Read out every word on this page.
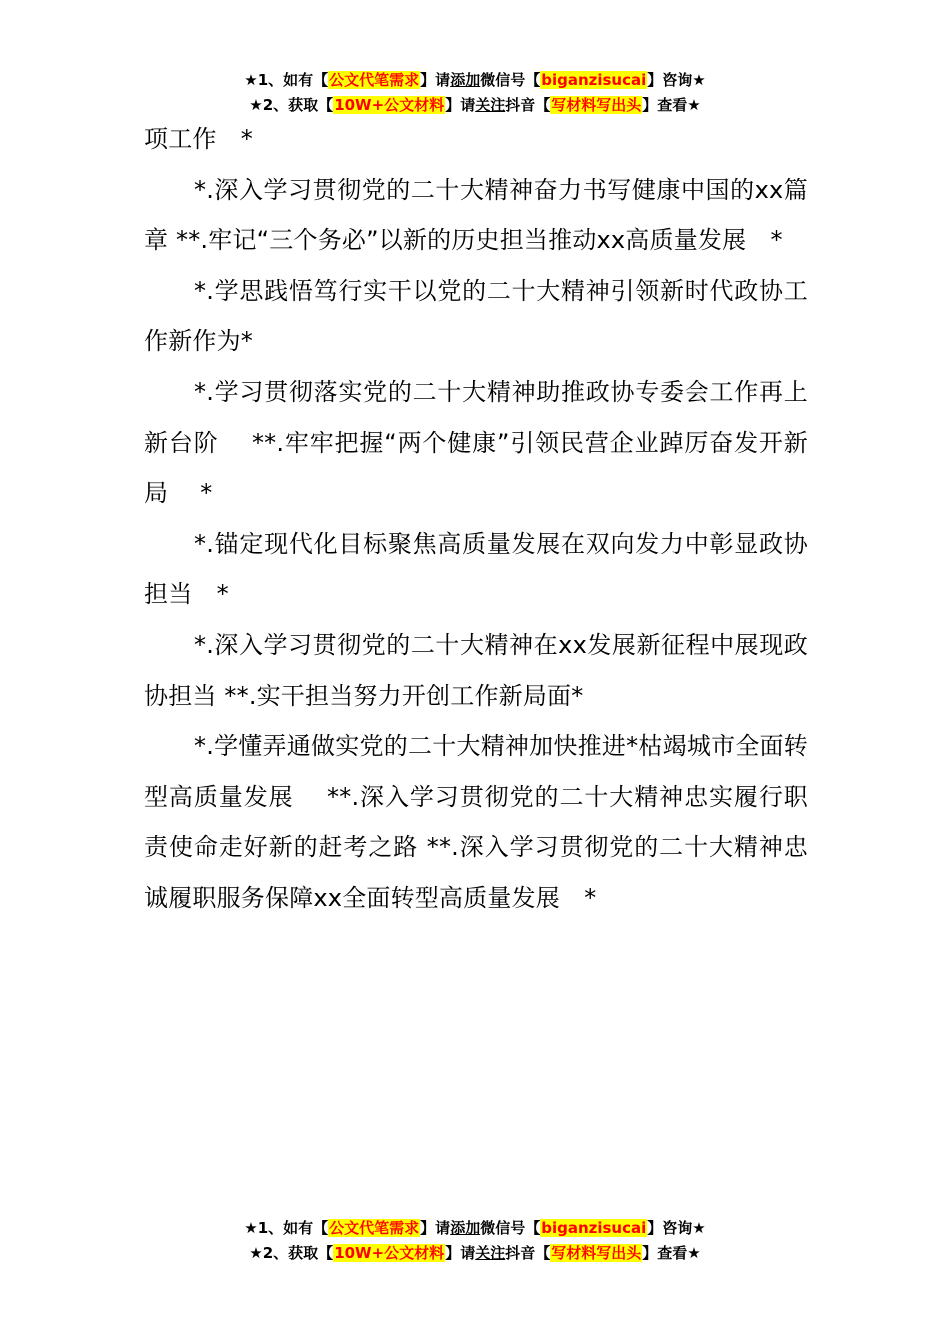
★1、如有【公文代笔需求】请添加微信号【biganzisucai】咨询★
★2、获取【10W+公文材料】请关注抖音【写材料写出头】查看★

项工作　*

*.深入学习贯彻党的二十大精神奋力书写健康中国的xx篇章 **.牢记“三个务必”以新的历史担当推动xx高质量发展　*

*.学思践悟笃行实干以党的二十大精神引领新时代政协工作新作为*

*.学习贯彻落实党的二十大精神助推政协专委会工作再上新台阶　 **.牢牢把握“两个健康”引领民营企业踔厉奋发开新局　 *

*.锚定现代化目标聚焦高质量发展在双向发力中彰显政协担当　*

*.深入学习贯彻党的二十大精神在xx发展新征程中展现政协担当 **.实干担当努力开创工作新局面*

*.学懂弄通做实党的二十大精神加快推进*枯竭城市全面转型高质量发展　 **.深入学习贯彻党的二十大精神忠实履行职责使命走好新的赶考之路 **.深入学习贯彻党的二十大精神忠诚履职服务保障xx全面转型高质量发展　*

★1、如有【公文代笔需求】请添加微信号【biganzisucai】咨询★
★2、获取【10W+公文材料】请关注抖音【写材料写出头】查看★
